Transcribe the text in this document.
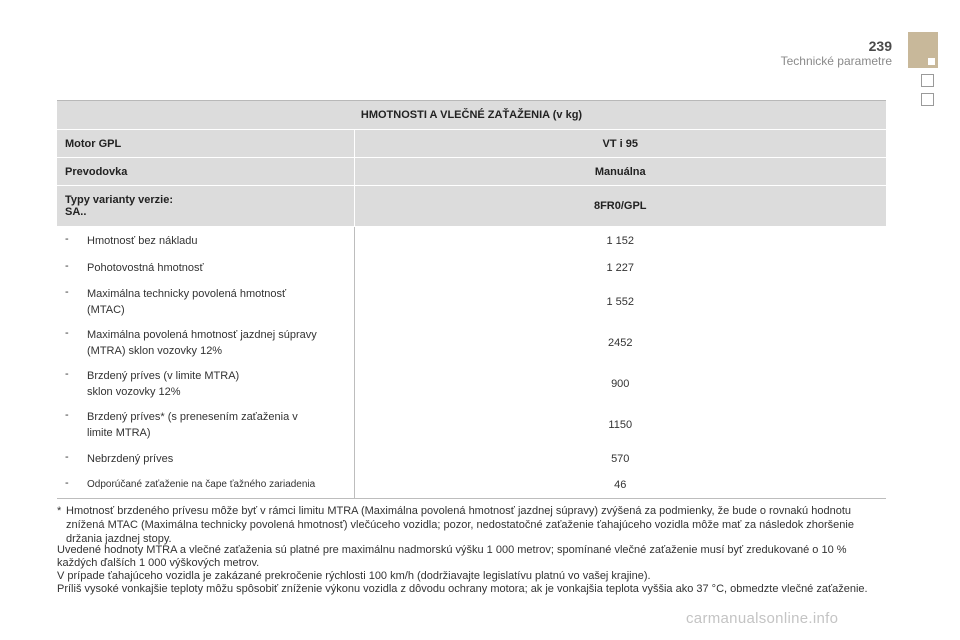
239
Technické parametre
HMOTNOSTI A VLEČNÉ ZAŤAŽENIA (v kg)	
Motor GPL	VT i 95
Prevodovka	Manuálna

Typy varianty verzie:
SA..	8FR0/GPL
- Hmotnosť bez nákladu	1 152
- Pohotovostná hmotnosť	1 227
- Maximálna technicky povolená hmotnosť
(MTAC)	1 552
- Maximálna povolená hmotnosť jazdnej súpravy
(MTRA) sklon vozovky 12%	2452
- Brzdený príves (v limite MTRA)
sklon vozovky 12%	900
- Brzdený príves* (s prenesením zaťaženia v
limite MTRA)	1150
- Nebrzdený príves	570
- Odporúčané zaťaženie na čape ťažného zariadenia	46
* Hmotnosť brzdeného prívesu môže byť v rámci limitu MTRA (Maximálna povolená hmotnosť jazdnej súpravy) zvýšená za podmienky, že bude o rovnakú hodnotu znížená MTAC (Maximálna technicky povolená hmotnosť) vlečúceho vozidla; pozor, nedostatočné zaťaženie ťahajúceho vozidla môže mať za následok zhoršenie držania jazdnej stopy.

Uvedené hodnoty MTRA a vlečné zaťaženia sú platné pre maximálnu nadmorskú výšku 1 000 metrov; spomínané vlečné zaťaženie musí byť zredukované o 10 % každých ďalších 1 000 výškových metrov.

V prípade ťahajúceho vozidla je zakázané prekročenie rýchlosti 100 km/h (dodržiavajte legislatívu platnú vo vašej krajine).

Príliš vysoké vonkajšie teploty môžu spôsobiť zníženie výkonu vozidla z dôvodu ochrany motora; ak je vonkajšia teplota vyššia ako 37 °C, obmedzte vlečné zaťaženie.

carmanualsonline.info
